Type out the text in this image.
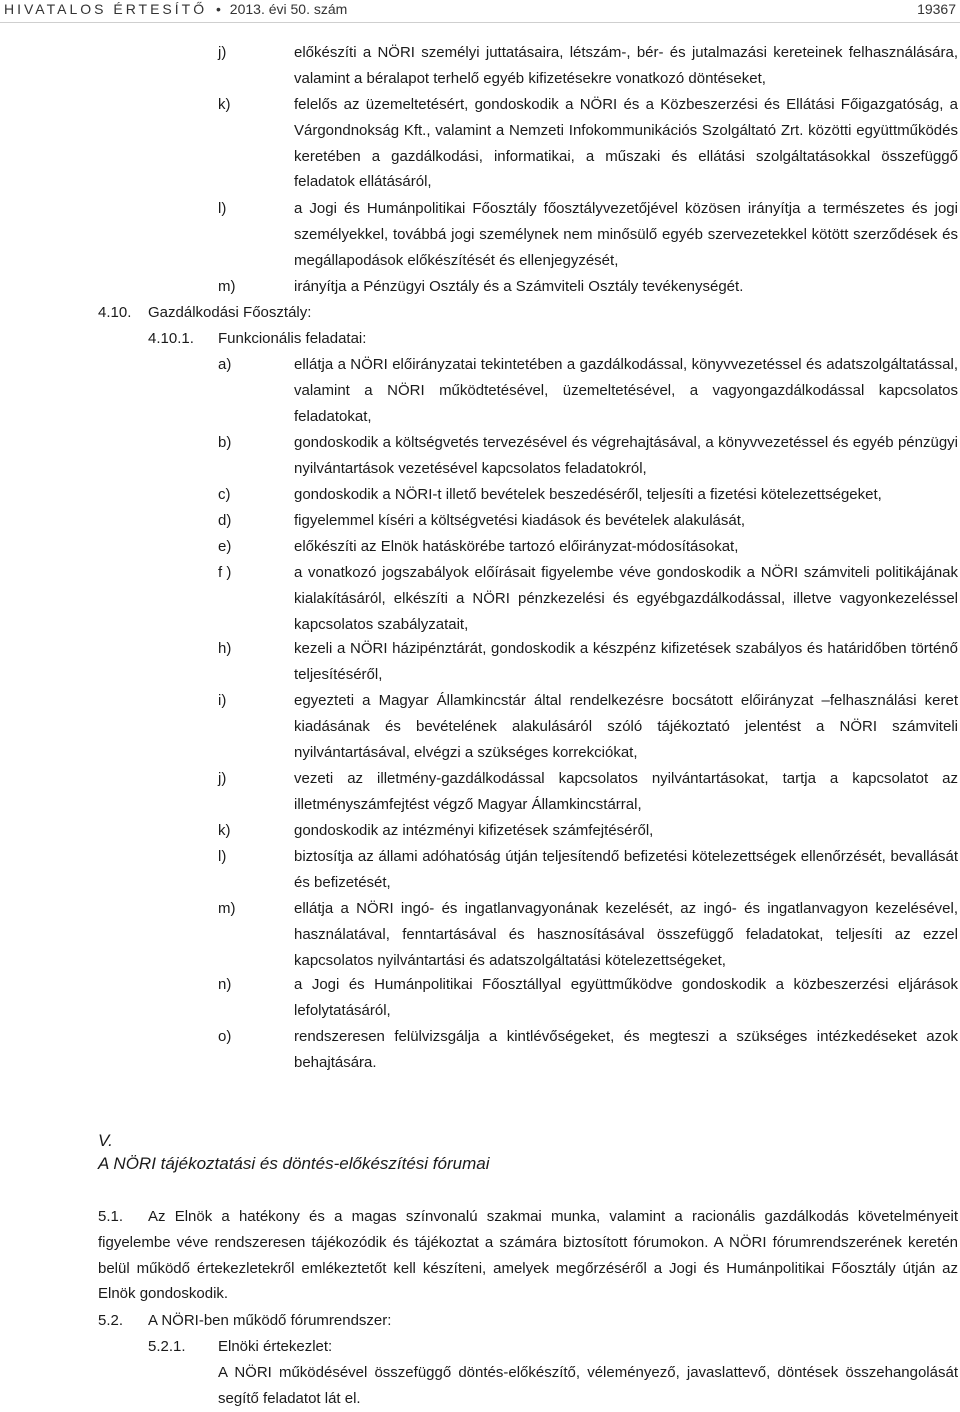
HIVATALOS ÉRTESÍTŐ • 2013. évi 50. szám	19367
j)	előkészíti a NÖRI személyi juttatásaira, létszám-, bér- és jutalmazási kereteinek felhasználására, valamint a béralapot terhelő egyéb kifizetésekre vonatkozó döntéseket,
k)	felelős az üzemeltetésért, gondoskodik a NÖRI és a Közbeszerzési és Ellátási Főigazgatóság, a Várgondnokság Kft., valamint a Nemzeti Infokommunikációs Szolgáltató Zrt. közötti együttműködés keretében a gazdálkodási, informatikai, a műszaki és ellátási szolgáltatásokkal összefüggő feladatok ellátásáról,
l)	a Jogi és Humánpolitikai Főosztály főosztályvezetőjével közösen irányítja a természetes és jogi személyekkel, továbbá jogi személynek nem minősülő egyéb szervezetekkel kötött szerződések és megállapodások előkészítését és ellenjegyzését,
m)	irányítja a Pénzügyi Osztály és a Számviteli Osztály tevékenységét.
4.10. Gazdálkodási Főosztály:
4.10.1. Funkcionális feladatai:
a)	ellátja a NÖRI előirányzatai tekintetében a gazdálkodással, könyvvezetéssel és adatszolgáltatással, valamint a NÖRI működtetésével, üzemeltetésével, a vagyongazdálkodással kapcsolatos feladatokat,
b)	gondoskodik a költségvetés tervezésével és végrehajtásával, a könyvvezetéssel és egyéb pénzügyi nyilvántartások vezetésével kapcsolatos feladatokról,
c)	gondoskodik a NÖRI-t illető bevételek beszedéséről, teljesíti a fizetési kötelezettségeket,
d)	figyelemmel kíséri a költségvetési kiadások és bevételek alakulását,
e)	előkészíti az Elnök hatáskörébe tartozó előirányzat-módosításokat,
f )	a vonatkozó jogszabályok előírásait figyelembe véve gondoskodik a NÖRI számviteli politikájának kialakításáról, elkészíti a NÖRI pénzkezelési és egyébgazdálkodással, illetve vagyonkezeléssel kapcsolatos szabályzatait,
h)	kezeli a NÖRI házipénztárát, gondoskodik a készpénz kifizetések szabályos és határidőben történő teljesítéséről,
i)	egyezteti a Magyar Államkincstár által rendelkezésre bocsátott előirányzat –felhasználási keret kiadásának és bevételének alakulásáról szóló tájékoztató jelentést a NÖRI számviteli nyilvántartásával, elvégzi a szükséges korrekciókat,
j)	vezeti az illetmény-gazdálkodással kapcsolatos nyilvántartásokat, tartja a kapcsolatot az illetményszámfejtést végző Magyar Államkincstárral,
k)	gondoskodik az intézményi kifizetések számfejtéséről,
l)	biztosítja az állami adóhatóság útján teljesítendő befizetési kötelezettségek ellenőrzését, bevallását és befizetését,
m)	ellátja a NÖRI ingó- és ingatlanvagyonának kezelését, az ingó- és ingatlanvagyon kezelésével, használatával, fenntartásával és hasznosításával összefüggő feladatokat, teljesíti az ezzel kapcsolatos nyilvántartási és adatszolgáltatási kötelezettségeket,
n)	a Jogi és Humánpolitikai Főosztállyal együttműködve gondoskodik a közbeszerzési eljárások lefolytatásáról,
o)	rendszeresen felülvizsgálja a kintlévőségeket, és megteszi a szükséges intézkedéseket azok behajtására.
V.
A NÖRI tájékoztatási és döntés-előkészítési fórumai
5.1.	Az Elnök a hatékony és a magas színvonalú szakmai munka, valamint a racionális gazdálkodás követelményeit figyelembe véve rendszeresen tájékozódik és tájékoztat a számára biztosított fórumokon. A NÖRI fórumrendszerének keretén belül működő értekezletekről emlékeztetőt kell készíteni, amelyek megőrzéséről a Jogi és Humánpolitikai Főosztály útján az Elnök gondoskodik.
5.2. A NÖRI-ben működő fórumrendszer:
5.2.1. Elnöki értekezlet:
A NÖRI működésével összefüggő döntés-előkészítő, véleményező, javaslattevő, döntések összehangolását segítő feladatot lát el.
